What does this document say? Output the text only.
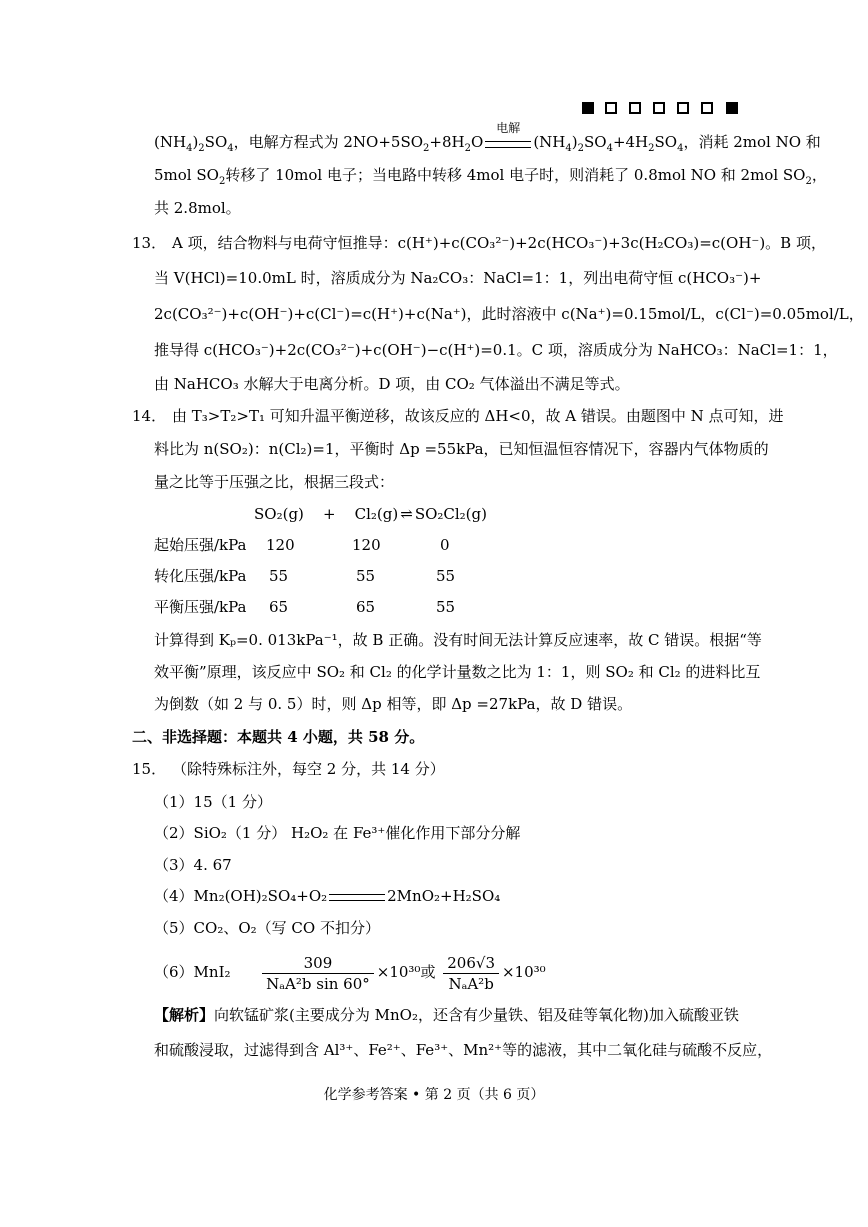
$(NH_4)_2SO_4$，电解方程式为 $2NO+5SO_2+8H_2O$
电解
$(NH_4)_2SO_4+4H_2SO_4$，消耗 2mol NO 和
5mol $SO_2$转移了 10mol 电子；当电路中转移 4mol 电子时，则消耗了 0.8mol NO 和 2mol $SO_2$，
共 2.8mol。
13． A 项，结合物料与电荷守恒推导：c(H⁺)+c(CO₃²⁻)+2c(HCO₃⁻)+3c(H₂CO₃)=c(OH⁻)。B 项，
当 V(HCl)=10.0mL 时，溶质成分为 Na₂CO₃：NaCl=1：1，列出电荷守恒 c(HCO₃⁻)+
2c(CO₃²⁻)+c(OH⁻)+c(Cl⁻)=c(H⁺)+c(Na⁺)，此时溶液中 c(Na⁺)=0.15mol/L，c(Cl⁻)=0.05mol/L，
推导得 c(HCO₃⁻)+2c(CO₃²⁻)+c(OH⁻)−c(H⁺)=0.1。C 项，溶质成分为 NaHCO₃：NaCl=1：1，
由 NaHCO₃ 水解大于电离分析。D 项，由 CO₂ 气体溢出不满足等式。
14． 由 T₃>T₂>T₁ 可知升温平衡逆移，故该反应的 ΔH<0，故 A 错误。由题图中 N 点可知，进
料比为 n(SO₂)：n(Cl₂)=1，平衡时 Δp =55kPa，已知恒温恒容情况下，容器内气体物质的
量之比等于压强之比，根据三段式：
SO₂(g) + Cl₂(g) ⇌ SO₂Cl₂(g)
起始压强/kPa 120	120	0
转化压强/kPa 55	55	55
平衡压强/kPa 65	65	55
计算得到 Kₚ=0. 013kPa⁻¹，故 B 正确。没有时间无法计算反应速率，故 C 错误。根据“等
效平衡”原理，该反应中 SO₂ 和 Cl₂ 的化学计量数之比为 1：1，则 SO₂ 和 Cl₂ 的进料比互
为倒数（如 2 与 0. 5）时，则 Δp 相等，即 Δp =27kPa，故 D 错误。
二、非选择题：本题共 4 小题，共 58 分。
15． （除特殊标注外，每空 2 分，共 14 分）
（1）15（1 分）
（2）SiO₂（1 分） H₂O₂ 在 Fe³⁺催化作用下部分分解
（3）4. 67
（4）Mn₂(OH)₂SO₄+O₂	2MnO₂+H₂SO₄
（5）CO₂、O₂（写 CO 不扣分）
$(6)MnI_2 \frac{309}{\text{NₐA²b sin 60°}} \times 10^{30}$或 $\frac{206√3}{\text{NₐA²b}} \times 10^{30}$
【解析】向软锰矿浆(主要成分为 MnO₂，还含有少量铁、铝及硅等氧化物)加入硫酸亚铁
和硫酸浸取，过滤得到含 Al³⁺、Fe²⁺、Fe³⁺、Mn²⁺等的滤液，其中二氧化硅与硫酸不反应，
化学参考答案 • 第 2 页（共 6 页）
